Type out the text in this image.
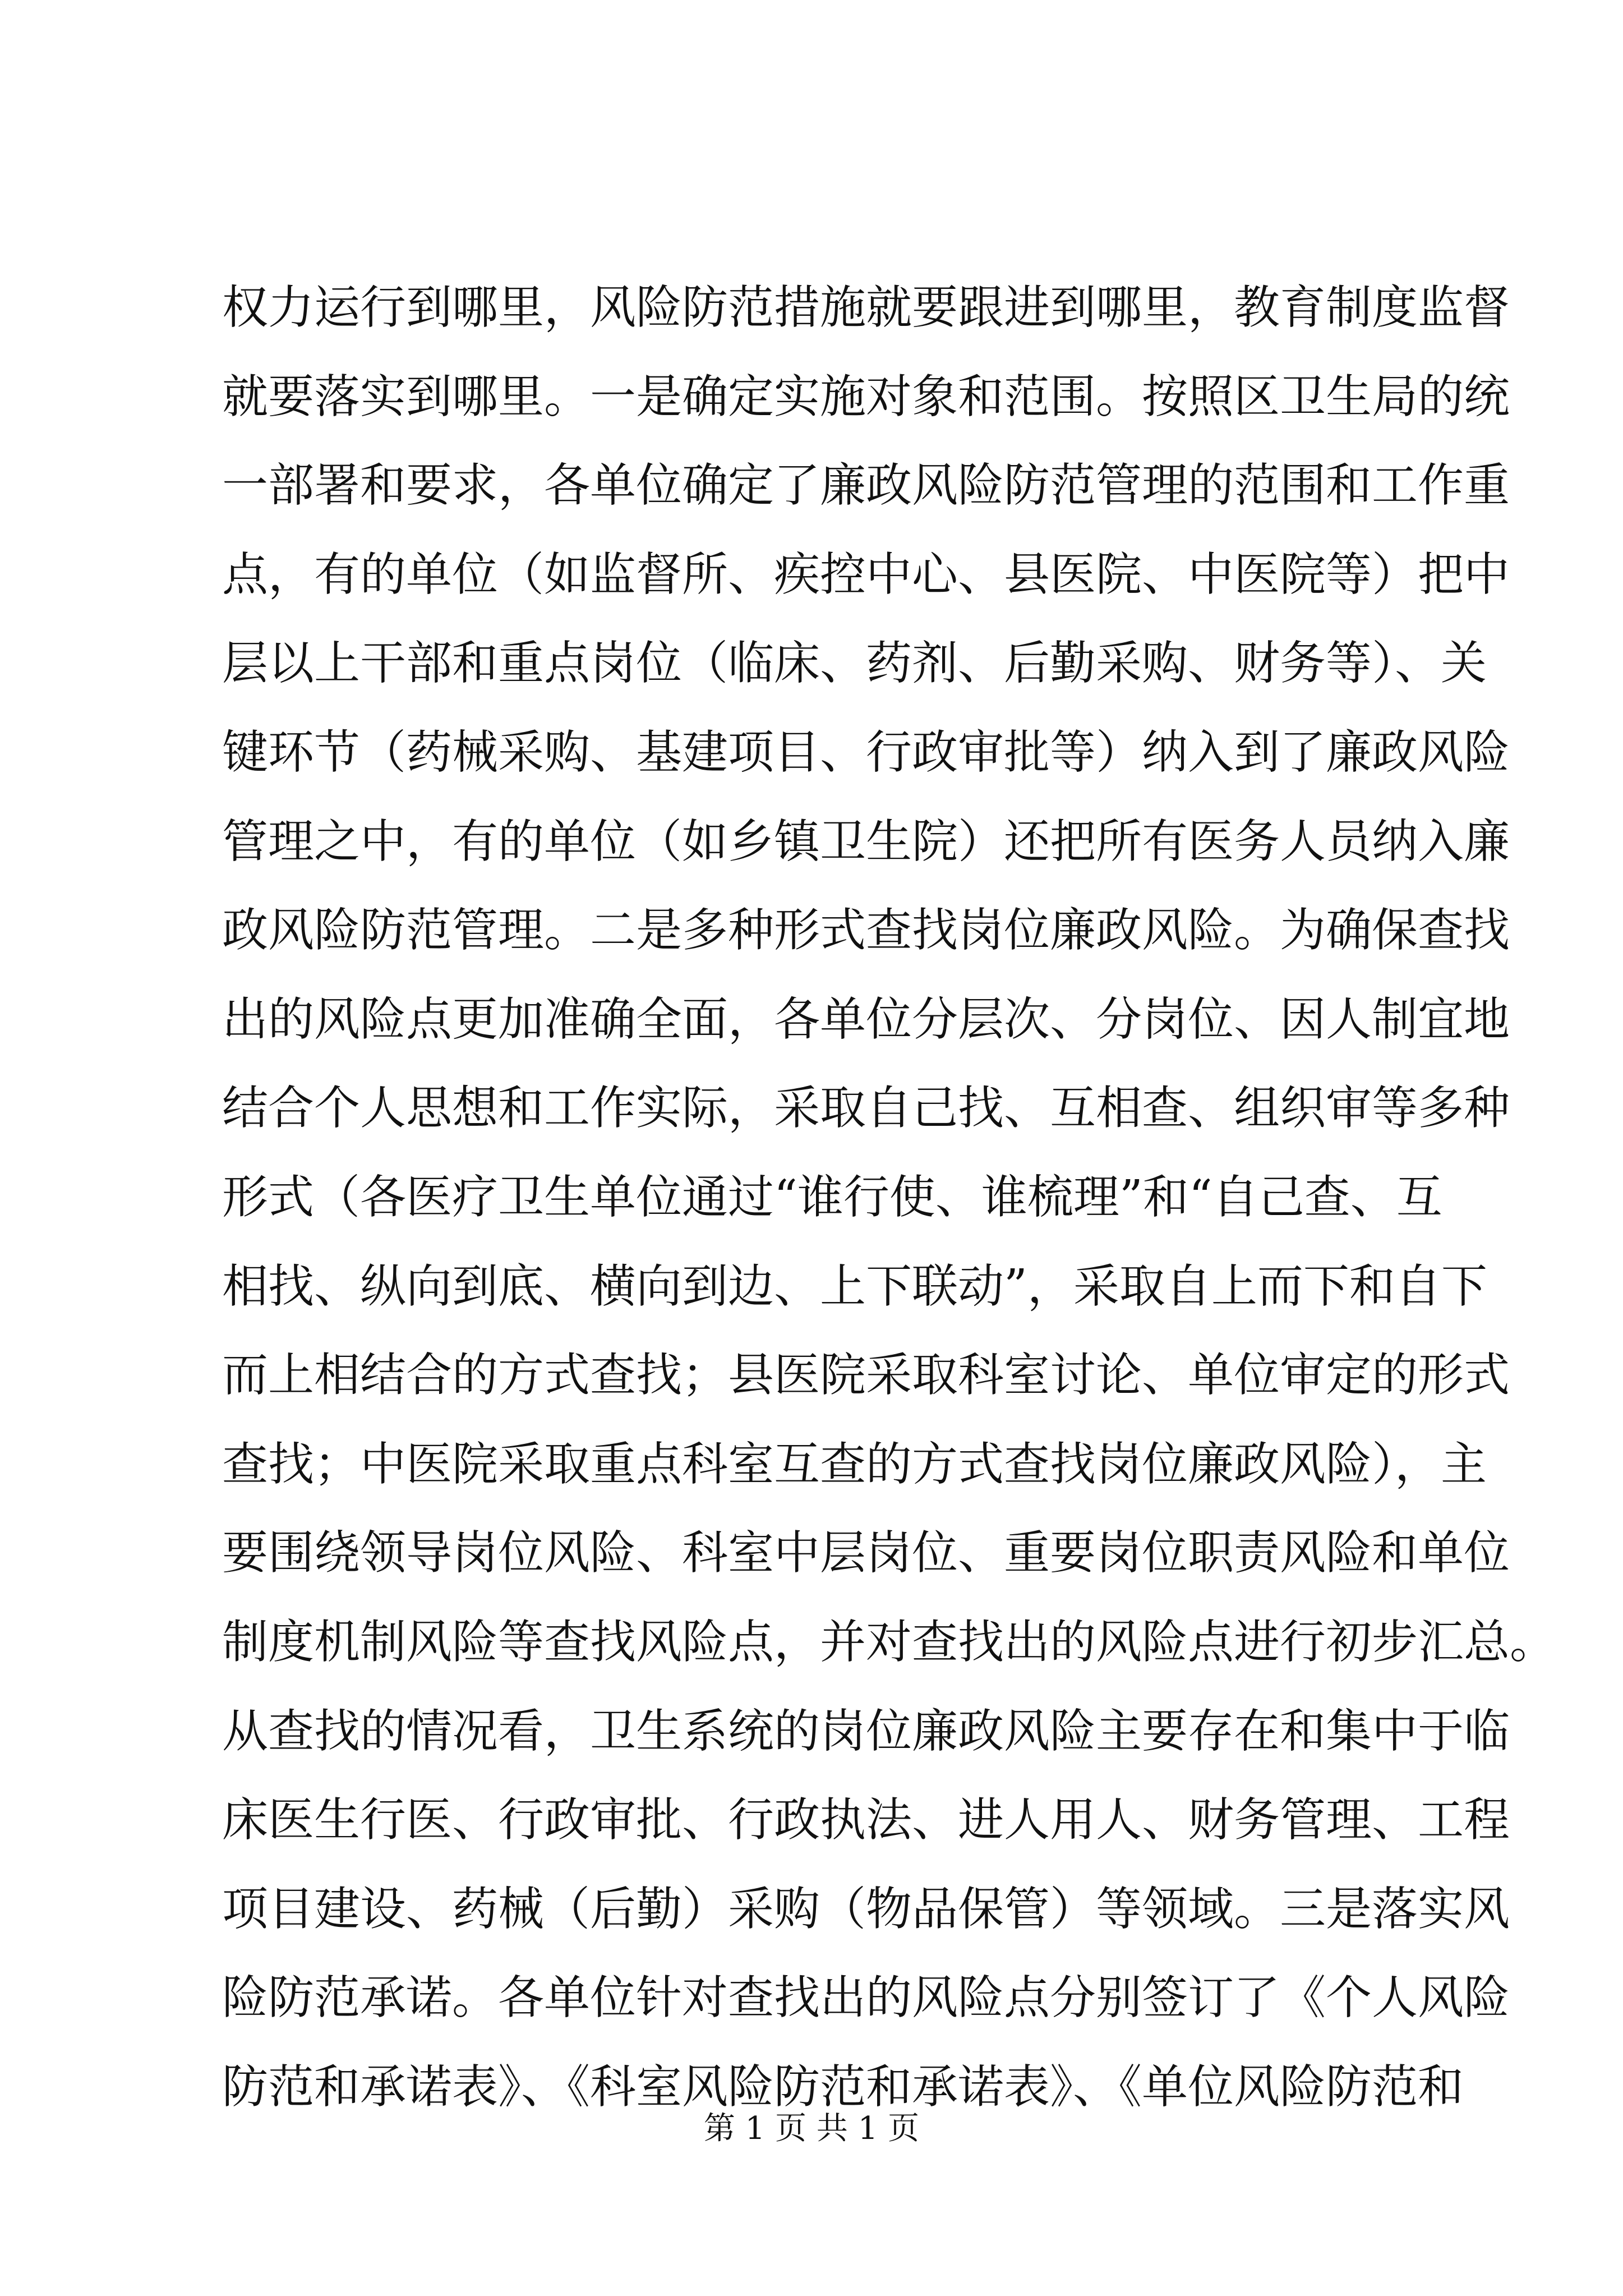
权力运行到哪里，风险防范措施就要跟进到哪里，教育制度监督
就要落实到哪里。一是确定实施对象和范围。按照区卫生局的统
一部署和要求，各单位确定了廉政风险防范管理的范围和工作重
点，有的单位（如监督所、疾控中心、县医院、中医院等）把中
层以上干部和重点岗位（临床、药剂、后勤采购、财务等）、关
键环节（药械采购、基建项目、行政审批等）纳入到了廉政风险
管理之中，有的单位（如乡镇卫生院）还把所有医务人员纳入廉
政风险防范管理。二是多种形式查找岗位廉政风险。为确保查找
出的风险点更加准确全面，各单位分层次、分岗位、因人制宜地
结合个人思想和工作实际，采取自己找、互相查、组织审等多种
形式（各医疗卫生单位通过“谁行使、谁梳理”和“自己查、互
相找、纵向到底、横向到边、上下联动”，采取自上而下和自下
而上相结合的方式查找；县医院采取科室讨论、单位审定的形式
查找；中医院采取重点科室互查的方式查找岗位廉政风险），主
要围绕领导岗位风险、科室中层岗位、重要岗位职责风险和单位
制度机制风险等查找风险点，并对查找出的风险点进行初步汇总。
从查找的情况看，卫生系统的岗位廉政风险主要存在和集中于临
床医生行医、行政审批、行政执法、进人用人、财务管理、工程
项目建设、药械（后勤）采购（物品保管）等领域。三是落实风
险防范承诺。各单位针对查找出的风险点分别签订了《个人风险
防范和承诺表》、《科室风险防范和承诺表》、《单位风险防范和
第 1 页 共 1 页
